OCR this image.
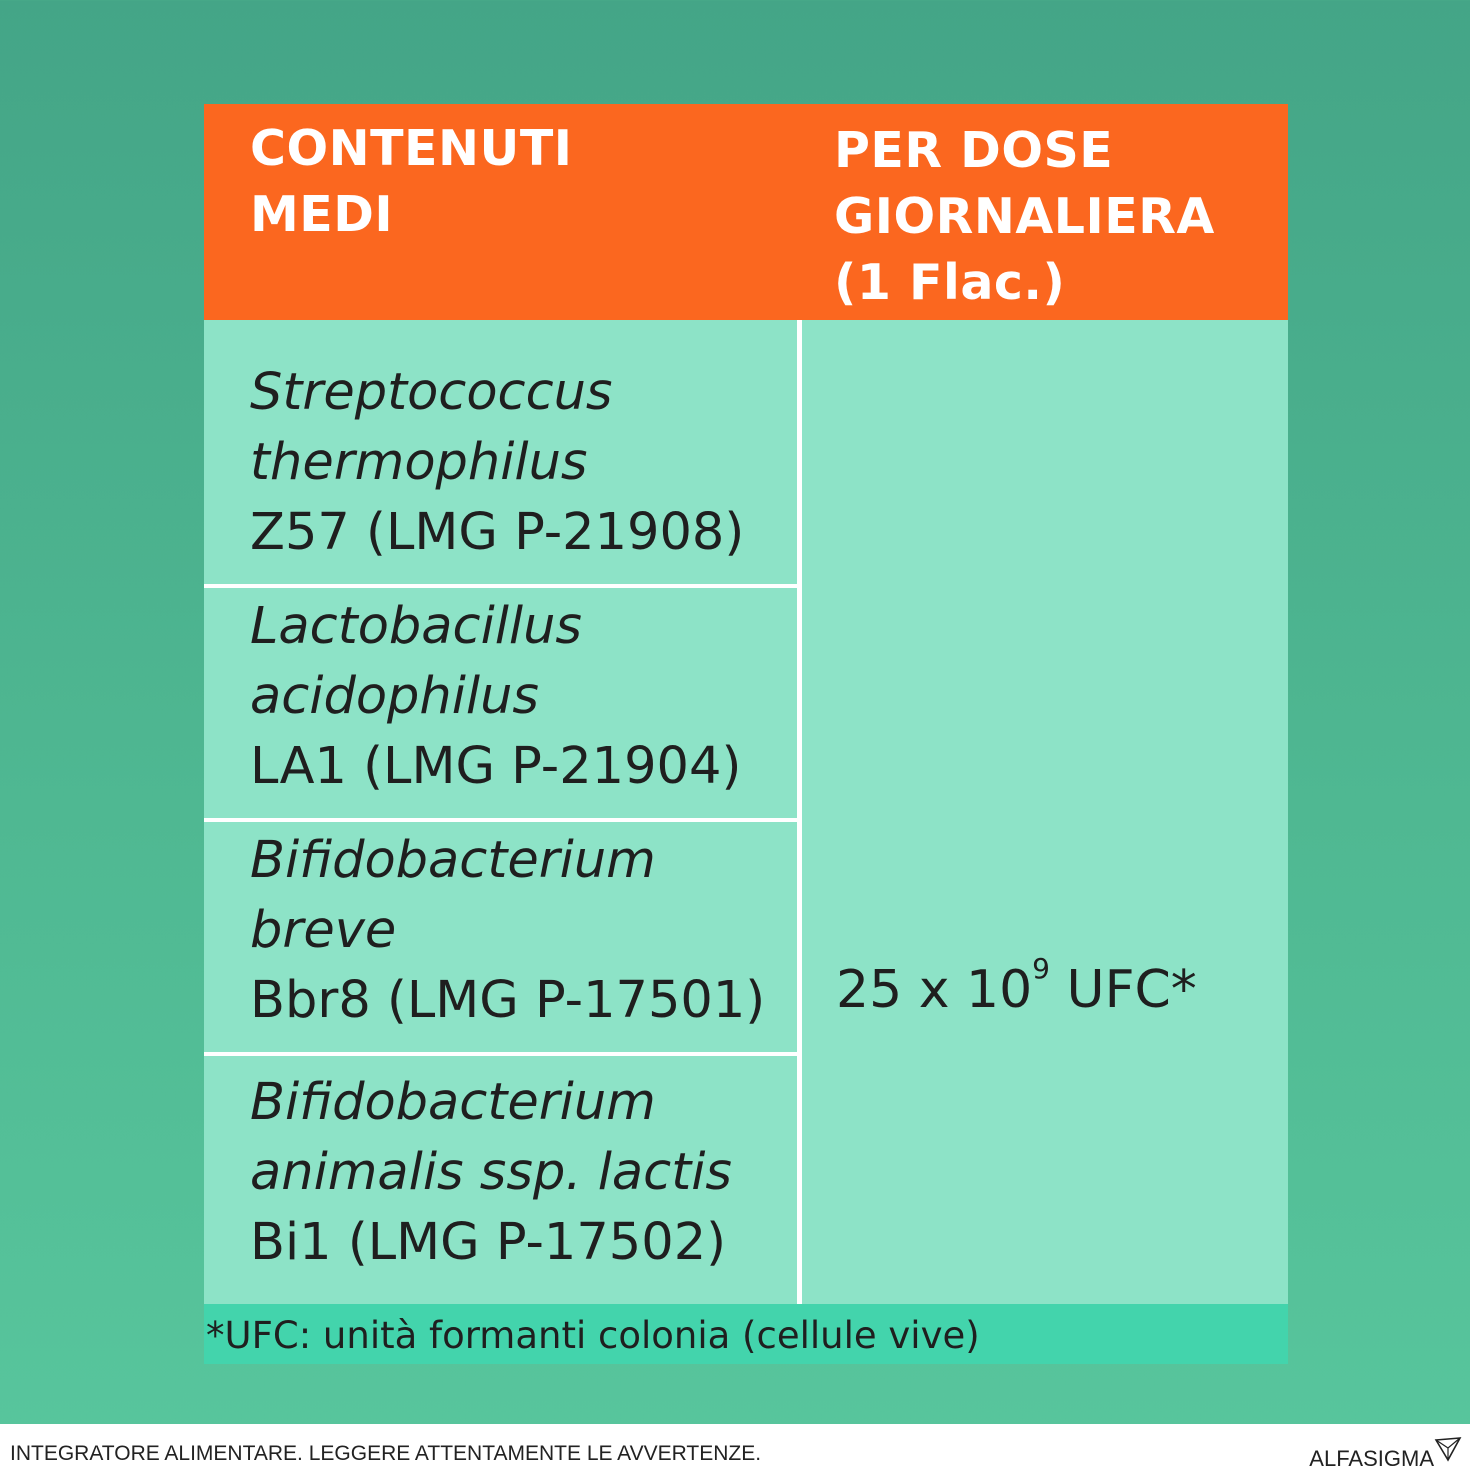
CONTENUTI
MEDI
PER DOSE
GIORNALIERA
(1 Flac.)
Streptococcus
thermophilus
Z57 (LMG P-21908)
Lactobacillus
acidophilus
LA1 (LMG P-21904)
Bifidobacterium
breve
Bbr8 (LMG P-17501)
Bifidobacterium
animalis ssp. lactis
Bi1 (LMG P-17502)
25 x $10^9$ UFC*
*UFC: unità formanti colonia (cellule vive)
INTEGRATORE ALIMENTARE. LEGGERE ATTENTAMENTE LE AVVERTENZE.	ALFASIGMA
